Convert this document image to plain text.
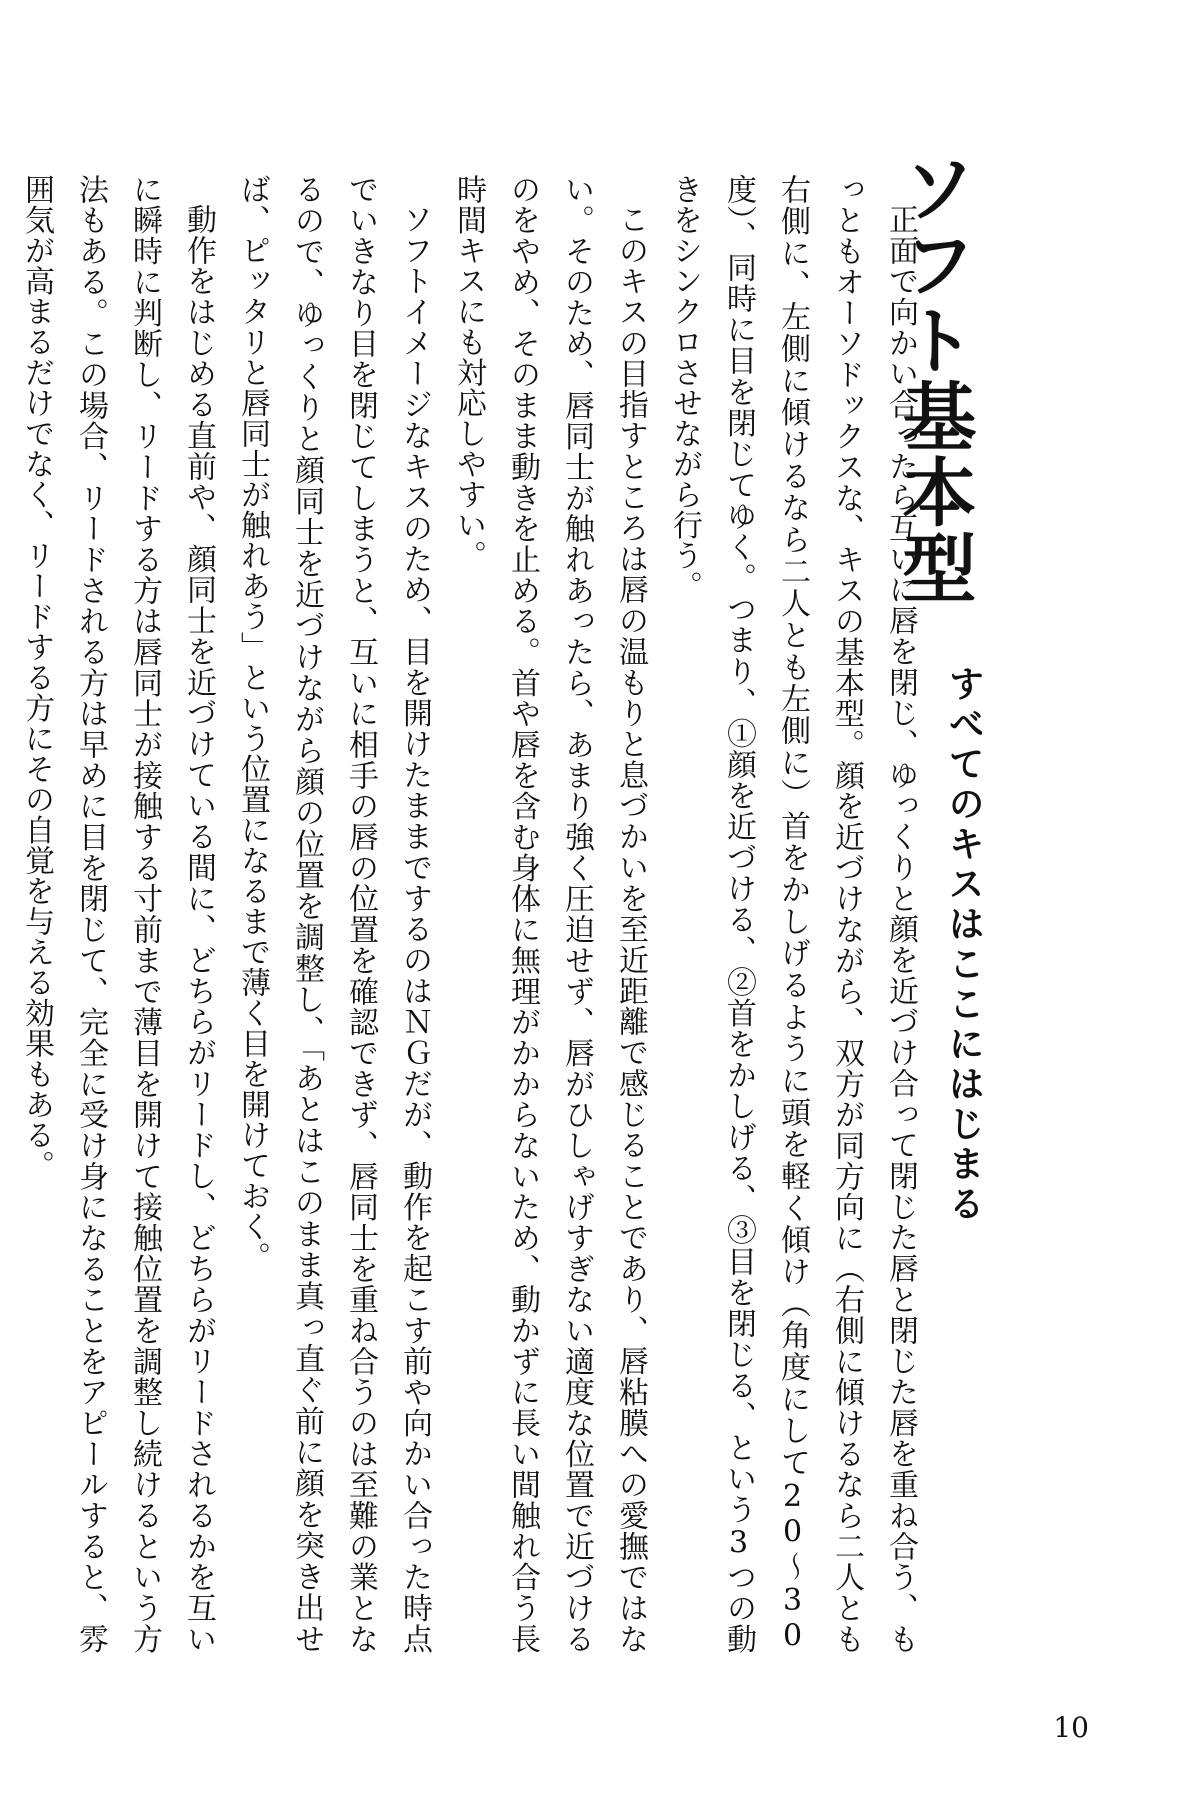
ソフト基本型
すべてのキスはここにはじまる

正面で向かい合ったら互いに唇を閉じ、ゆっくりと顔を近づけ合って閉じた唇と閉じた唇を重ね合う、もっともオーソドックスな、キスの基本型。顔を近づけながら、双方が同方向に（右側に傾けるなら二人とも右側に、左側に傾けるなら二人とも左側に）首をかしげるように頭を軽く傾け（角度にして20〜30度）、同時に目を閉じてゆく。つまり、①顔を近づける、②首をかしげる、③目を閉じる、という3つの動きをシンクロさせながら行う。

このキスの目指すところは唇の温もりと息づかいを至近距離で感じることであり、唇粘膜への愛撫ではない。そのため、唇同士が触れあったら、あまり強く圧迫せず、唇がひしゃげすぎない適度な位置で近づけるのをやめ、そのまま動きを止める。首や唇を含む身体に無理がかからないため、動かずに長い間触れ合う長時間キスにも対応しやすい。

ソフトイメージなキスのため、目を開けたままでするのはＮＧだが、動作を起こす前や向かい合った時点でいきなり目を閉じてしまうと、互いに相手の唇の位置を確認できず、唇同士を重ね合うのは至難の業となるので、ゆっくりと顔同士を近づけながら顔の位置を調整し、「あとはこのまま真っ直ぐ前に顔を突き出せば、ピッタリと唇同士が触れあう」という位置になるまで薄く目を開けておく。

動作をはじめる直前や、顔同士を近づけている間に、どちらがリードし、どちらがリードされるかを互いに瞬時に判断し、リードする方は唇同士が接触する寸前まで薄目を開けて接触位置を調整し続けるという方法もある。この場合、リードされる方は早めに目を閉じて、完全に受け身になることをアピールすると、雰囲気が高まるだけでなく、リードする方にその自覚を与える効果もある。

10
